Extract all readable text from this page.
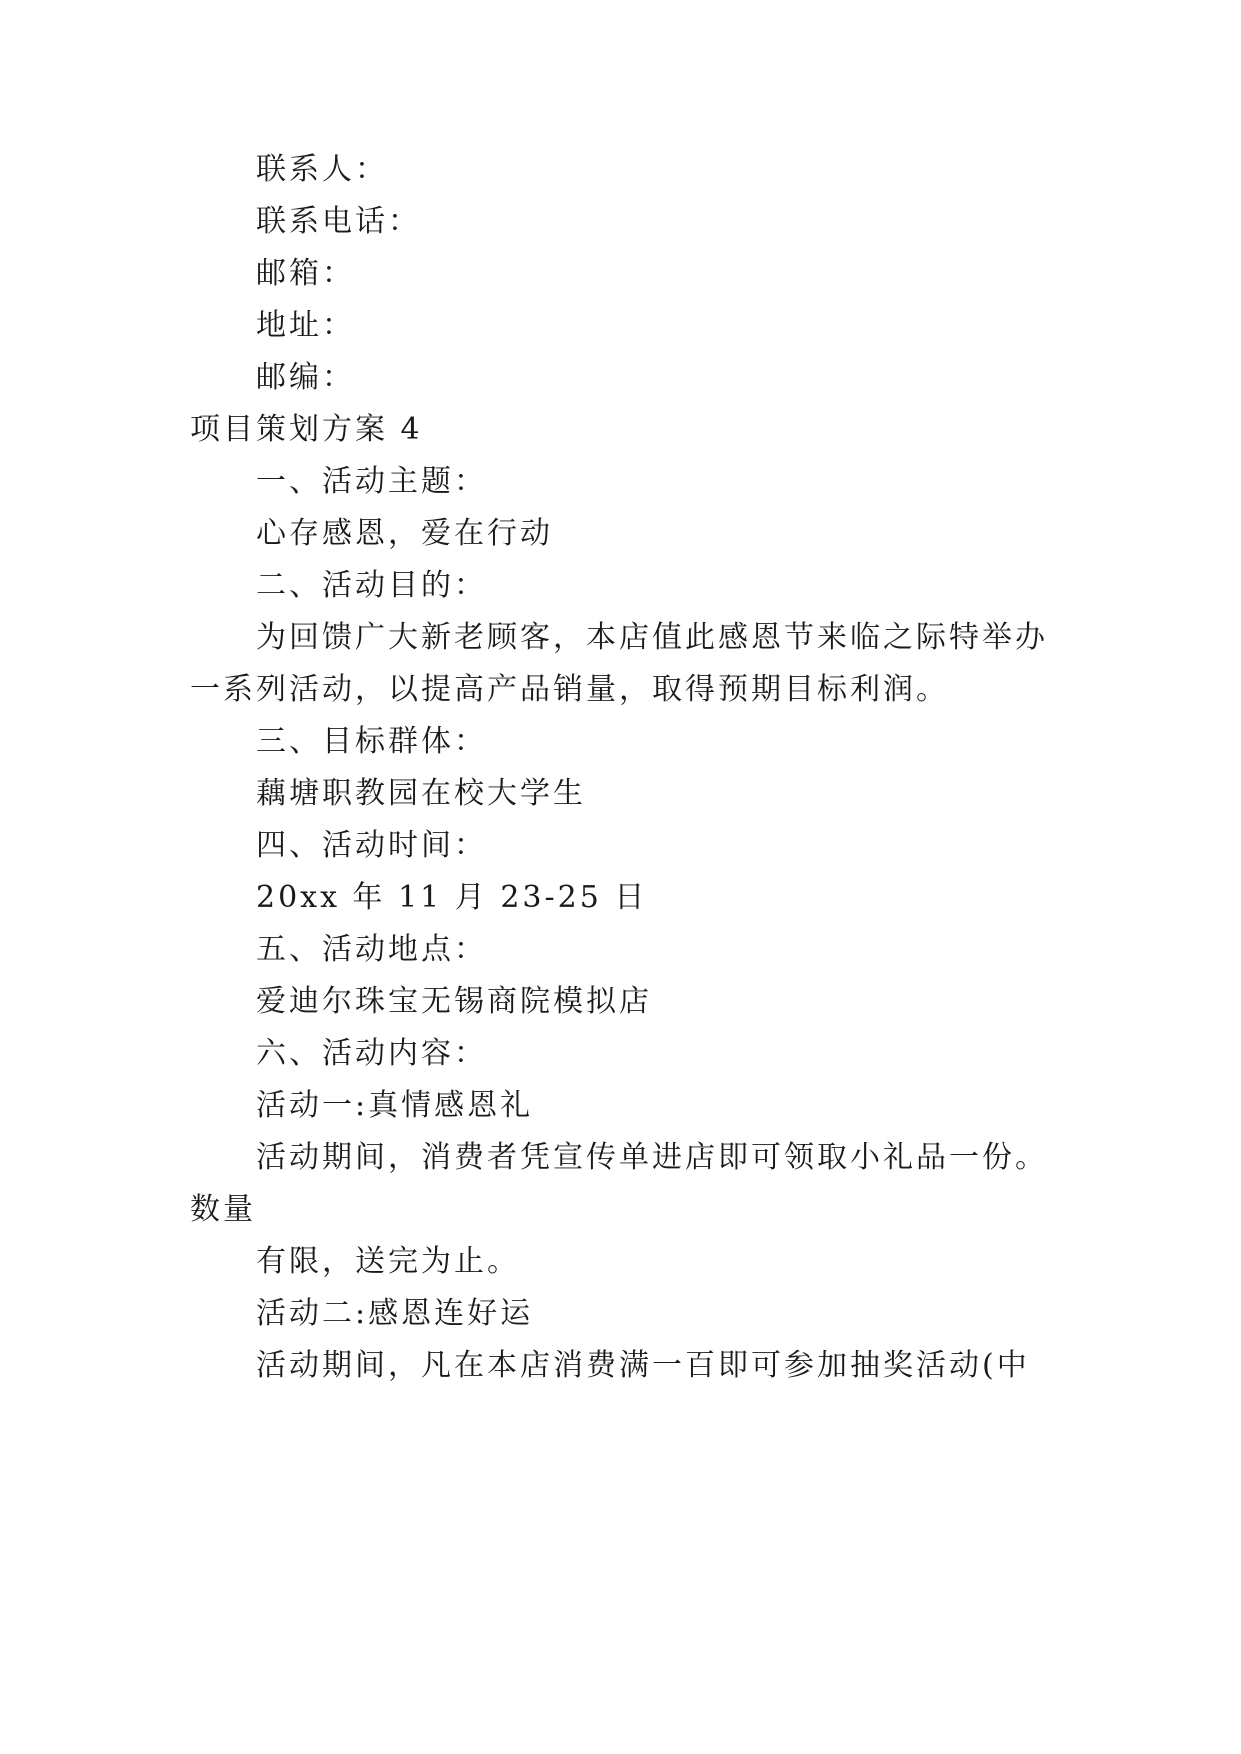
联系人：
联系电话：
邮箱：
地址：
邮编：
项目策划方案 4
一、活动主题：
心存感恩，爱在行动
二、活动目的：
为回馈广大新老顾客，本店值此感恩节来临之际特举办
一系列活动，以提高产品销量，取得预期目标利润。
三、目标群体：
藕塘职教园在校大学生
四、活动时间：
20xx 年 11 月 23-25 日
五、活动地点：
爱迪尔珠宝无锡商院模拟店
六、活动内容：
活动一:真情感恩礼
活动期间，消费者凭宣传单进店即可领取小礼品一份。
数量
有限，送完为止。
活动二:感恩连好运
活动期间，凡在本店消费满一百即可参加抽奖活动(中
